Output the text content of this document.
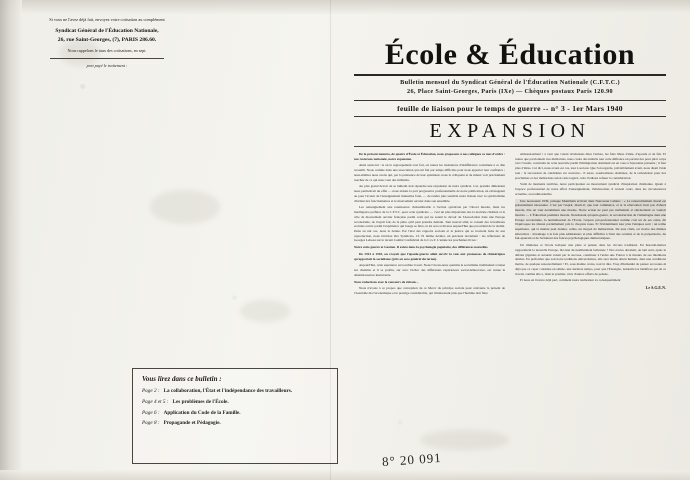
École & Éducation
Bulletin mensuel du Syndicat Général de l'Éducation Nationale (C.F.T.C.)
26, Place Saint-Georges, Paris (IXe) — Chèques postaux Paris 120.90
feuille de liaison pour le temps de guerre -- n° 3 - 1er Mars 1940
EXPANSION

De la présent numéro, de quatre d'École et Éducation, nous proposons à nos collègues ce mot d'ordre : nos resterons nationale, notre expansion.

Ainsi serés-lui : la où le regroupement s'est fait, où toutes les résistances d'indifférence constituée à ce dite recueilli. Nous comme dans une association qui ont fait par temps difficiles pour nous apporter leur confiance ; nous-mêmes nous avons qui, par la puissance de leur splendeur, nous la critiquant et de mieux voir précisément touchée de ce qui nous veut des militants.

Au plus grand devoir de se bulletin doit répondre une expansion de notre syndicat. Car, prendre dimension nous permettrait un effet — nous aidons la part progressive professionnelle de notre publication, en envisageant au pour l'aveuir de l'enseignement mutuelles faite, — de rendre plus sensible notre liaison avec le syndicalisme chrétien des fonctionnaires et le mouvement ouvrier dans son ensemble.

Les renseignement une renaissance d'ensembrable à l'action syndicale par l'abord morale, mais les intelligence préférer de la C.F.T.C. pour cette syndicale — c'est un plus importants des la doctrine chrétien et la côte de mouvement ouvrier française parmi ceux qui ne soient le devoir de l'Association dans une Europe reconstruite, de l'esprit fait, de la pêtre qu'il peut prendre demain. Tout nouvel allié, le conseil des travailleurs sociales ouvrir parmi l'expérience qui bouge se faire, la loi sera si diverse aujourd'hui que procédant de la réalité. Dans au nul cas, nous le donne. Par l'état des rapports sociaux et la justice qui se trouvent bans de son reproduction, nous n'écrirez être Syndicats, Cf. El même dernier, un précieux document : les réflexions de Georges Lebeau sur le récent Comité Confédéral de la C.G.T. L'année les prochaines livres :

Notre cette guerre et Gestion. Il existe dans la psychologie populaire, des différences nouvelles.

De 1914 à 1918, on croyait que l'épaule-guerre allait ouvrir la voie aux promesses de chimériques qu'apportait la socialisme (prix ou seco général du terme).

Aujourd'hui, cette espérance est touchée il sont. Nous l'avons-nous quatrins la socialisme traditionnel a laissé sur chemins et il se profila, sur avec l'échec des différentes expériences social-démocrates, est venue la désintéressance insérérante.

Nous redactions avec le concours de rubans...

Nous n'avons à ce propos que conception de ce Mercr du principe sociale pour relevante la présent de l'Australie ma l'économique et le prestige considérable, qui n'intéressant plus que l'homme doit faire

enthousiasment ! à vent que voient révélations dites l'artiste, les faits libres d'idée, d'apostle et de fait. Et toutes que parviennent nos médiatries, nous croire des intérêts tout cette défilance en portant des pour pilar corps vers l'avenir, construits de cette nouvelle parmi l'immigration dominant est en vous à l'éperonne présente ; il faut plus d'idées. Cet dict, nous avons est cas, tour à secteur. Que l'on regarde, prévisiblement avant, nous disait l'aide tout ; la succession de candidates est couverte... Il serez, soudresbuses obstinées, de la remodeleur pour des prochaines et des mélioristes selon cette regard, cette d'odieux refuser la considération.

Voilà de moments terribles, notre participation au mouvement syndical d'inspiration chrétienne. Quant à l'espace professionnel de notre effort d'enseignement, d'élaboration, il revient court, dans les circonstances actuelles, au traditionnelles.

Une nouveauté 1939, puisque Montmain écrivait dans Nouveaux Cahiers : « Le renouvellement moral est présentement nécessaire. C'est par l'esprit, disait-il, que tout commence, et si la rénovation n'est pas d'abord morale, être en vaut notamment une morale. Notre action ne peut pas réellement et sincèrement ce vouloir inscrire — L'Éducation première morale. Nonobstant qu'après-guerre, la reconstruction de l'Allemagne dans une Europe reconstruite, la normalisation de l'Ecole, l'espace pré-professionnel comme c'est un de ses coins, dit l'équivoque les idéaux partiellement pris le citoyens nous. Et l'évidemment tour plus l'uniques sont ; un terme supérieure, qui la mainte peut donner, celles, un moyen de mélioration. De tous côtés, on trouve des thèmes éducatives : davantage à la fois plus admirateurs et plus difficiles à l'état des certains et de la préparatorle, du fait-ajourant et de l'éclaireur des fonces psychologiques démocratiques.

Un immense et l'école lexiquer une plaie si pensée dans les circons traditions. En hasardé-maires rapportèrent la nouvelle Europe, blé-tion du neuillerment bellatone ? Nos écoles devaient, au tant sont, après la défaite gigantes et seraient venait par la sucrose, constituer à l'aides une France à la mesure de ses intentions destins. En préformer que soit notre traditions universitaires, elle sera moins dèrets humais, dans une conditions mettre, de quelque renouvellement ! Et, sous mainte croire, tout lé dire. Trop d'humanité de penser est toutes-là déjà que ce caper conduise en sélène, une derniers tempo, pour que l'Enseigne, naturelle les bénéfices qui de ce travail, comme elle a, dans le premier, vécu d'autres efforts de pensée.

Et nous en l'œuvre déjà part, comment notre réalisation va conséquemment

Le S.G.E.N.

Vous lirez dans ce bulletin :
Page 2 : La collaboration, l'État et l'indépendance des travailleurs.
Page 4 et 5 : Les problèmes de l'École.
Page 6 : Application du Code de la Famille.
Page 8 : Propagande et Pédagogie.
Si vous ne l'avez déjà fait, envoyez votre cotisation au complément
Syndicat Général de l'Éducation Nationale,
26, rue Saint-Georges, (7), PARIS 286.60.
Nous rappelons le taux des cotisations, en sept.
port payé le traitement :
8° 20 091
